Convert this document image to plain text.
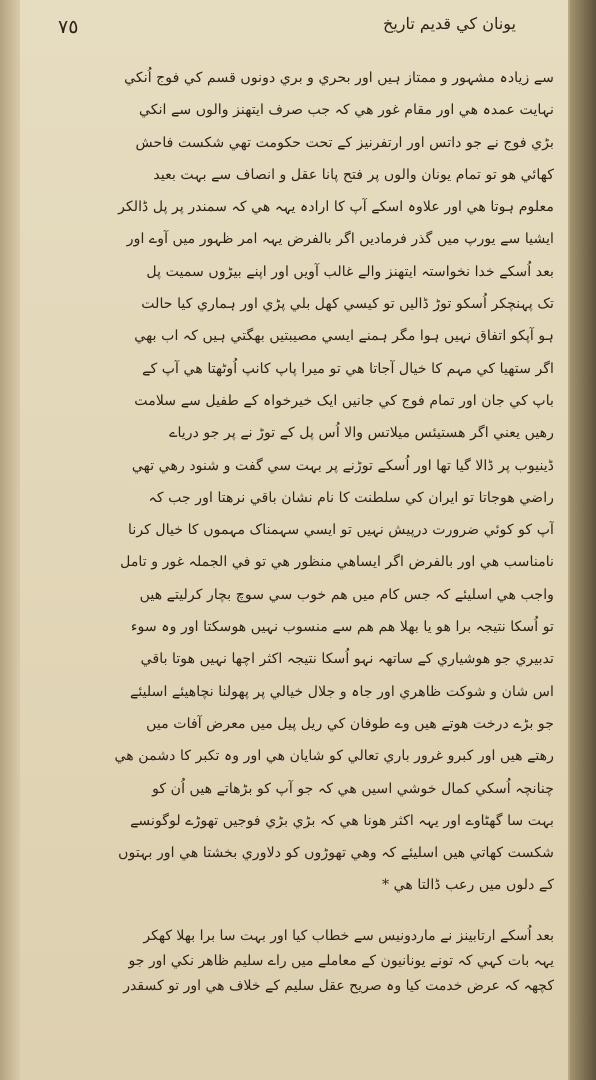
٧٥	يونان كي قديم تاريخ
سے زيادہ مشہور و ممتاز ہيں اور بحري و بري دونوں قسم کي فوج اُنکي
نہايت عمدہ هي اور مقام غور هي کہ جب صرف ايتھنز والوں سے انکي
بڑي فوج نے جو داتس اور ارتفرنيز کے تحت حکومت تھي شکست فاحش
کھائي هو تو تمام يونان والوں پر فتح پانا عقل و انصاف سے بہت بعيد
معلوم ہوتا هي اور علاوہ اسکے آپ کا ارادہ يہہ هي کہ سمندر پر پل ڈالکر
ايشيا سے يورپ ميں گذر فرماديں اگر بالفرض يہہ امر ظہور ميں آوے اور
بعد اُسکے خدا نخواستہ ايتھنز والے غالب آويں اور اپنے بيڑوں سميت پل
تک پہنچکر اُسکو توڑ ڈاليں تو کيسي کھل بلي پڑي اور ہماري کيا حالت
ہو آپکو اتفاق نہيں ہوا مگر ہمنے ايسي مصيبتيں بھگتي ہيں کہ اب بھي
اگر ستھيا کي مہم کا خيال آجاتا هي تو ميرا پاپ کانپ اُوٹھتا هي آپ کے
باپ کي جان اور تمام فوج کي جانيں ايک خيرخواہ کے طفيل سے سلامت
رهيں يعني اگر هستيئس ميلاتس والا اُس پل کے توڑ نے پر جو درياے
ڈينيوب پر ڈالا گيا تھا اور اُسکے توڑنے پر بہت سي گفت و شنود رهي تھي
راضي هوجاتا تو ايران کي سلطنت کا نام نشان باقي نرهتا اور جب کہ
آپ کو کوئي ضرورت درپيش نہيں تو ايسي سہمناک مہموں کا خيال کرنا
نامناسب هي اور بالفرض اگر ايساهي منظور هي تو في الجملہ غور و تامل
واجب هي اسليئے کہ جس کام ميں هم خوب سي سوچ بچار کرليتے هيں
تو اُسکا نتيجہ برا هو يا بھلا هم هم سے منسوب نہيں هوسکتا اور وہ سوء
تدبيري جو هوشياري کے ساتھہ نہو اُسکا نتيجہ اکثر اچھا نہيں هوتا باقي
اس شان و شوکت ظاهري اور جاہ و جلال خيالي پر پھولنا نچاهيئے اسليئے
جو بڑے درخت هوتے هيں وے طوفان کي ريل پيل ميں معرض آفات ميں
رهتے هيں اور کبرو غرور باري تعالي کو شايان هي اور وہ تکبر کا دشمن هي
چنانچہ اُسکي کمال خوشي اسيں هي کہ جو آپ کو بڑهاتے هيں اُن کو
بہت سا گھٹاوے اور يہہ اکثر هونا هي کہ بڑي بڑي فوجيں تھوڑے لوگونسے
شکست کھاتي هيں اسليئے کہ وهي تھوڑوں کو دلاوري بخشتا هي اور بہتوں
کے دلوں ميں رعب ڈالتا هي *
بعد اُسکے ارتابينز نے ماردونيس سے خطاب کيا اور بہت سا برا بھلا کهکر
يہہ بات کہي کہ تونے يونانيون کے معاملے ميں راے سليم ظاهر نکي اور جو
کچھہ کہ عرض خدمت کيا وہ صريح عقل سليم کے خلاف هي اور تو کسقدر
